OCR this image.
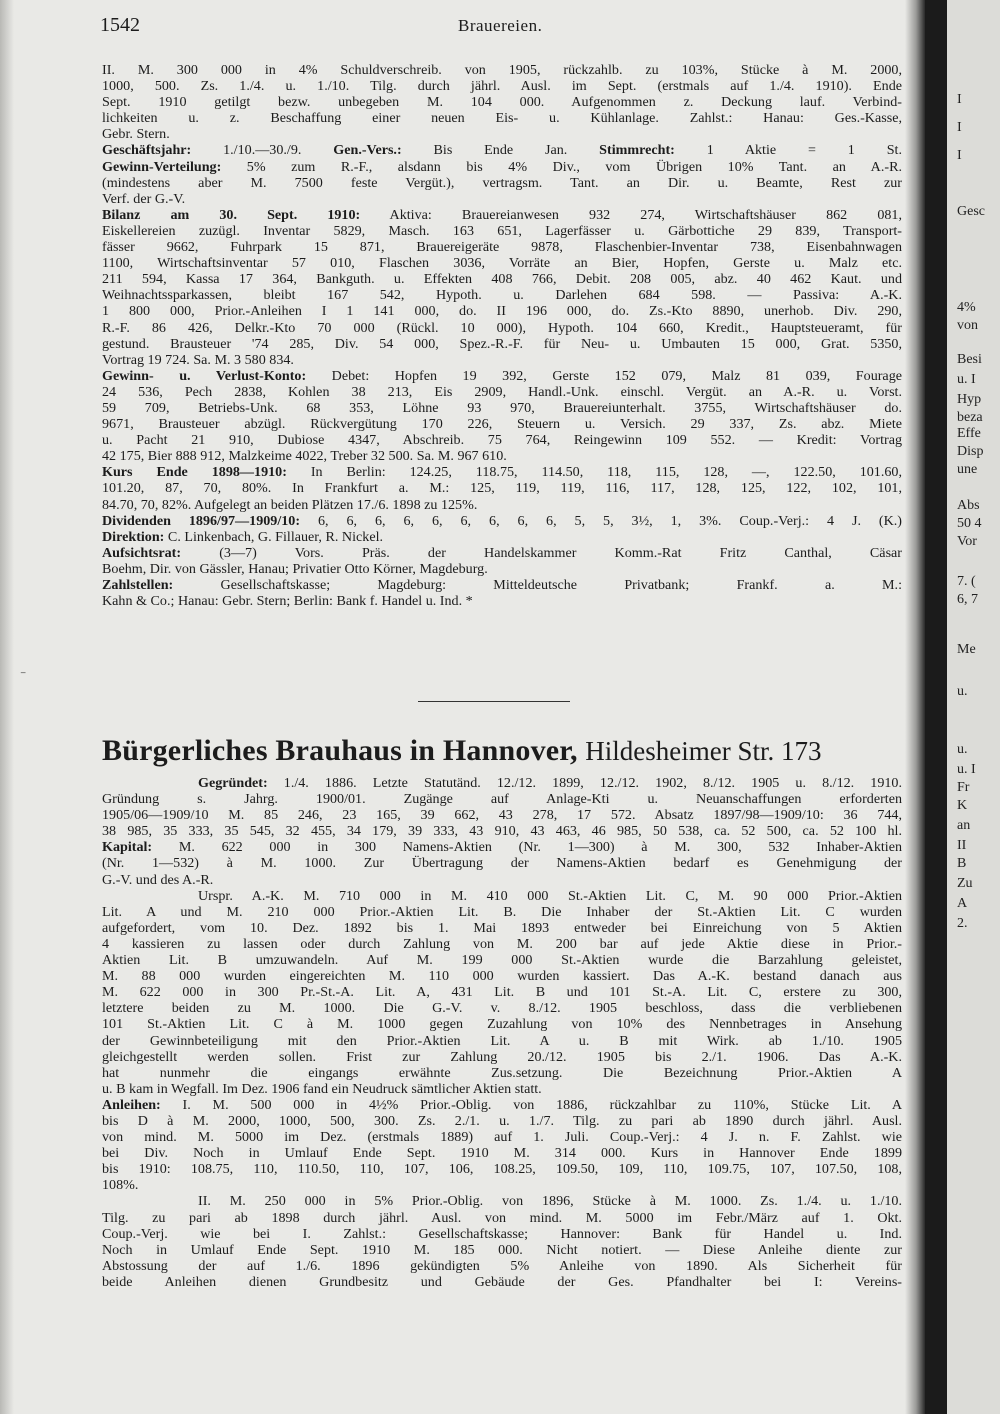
1542	Brauereien.
II. M. 300 000 in 4% Schuldverschreib. von 1905, rückzahlb. zu 103%, Stücke à M. 2000,
1000, 500. Zs. 1./4. u. 1./10. Tilg. durch jährl. Ausl. im Sept. (erstmals auf 1./4. 1910). Ende
Sept. 1910 getilgt bezw. unbegeben M. 104 000. Aufgenommen z. Deckung lauf. Verbind-
lichkeiten u. z. Beschaffung einer neuen Eis- u. Kühlanlage. Zahlst.: Hanau: Ges.-Kasse,
Gebr. Stern.
Geschäftsjahr: 1./10.—30./9. Gen.-Vers.: Bis Ende Jan. Stimmrecht: 1 Aktie = 1 St.
Gewinn-Verteilung: 5% zum R.-F., alsdann bis 4% Div., vom Übrigen 10% Tant. an A.-R.
(mindestens aber M. 7500 feste Vergüt.), vertragsm. Tant. an Dir. u. Beamte, Rest zur
Verf. der G.-V.
Bilanz am 30. Sept. 1910: Aktiva: Brauereianwesen 932 274, Wirtschaftshäuser 862 081,
Eiskellereien zuzügl. Inventar 5829, Masch. 163 651, Lagerfässer u. Gärbottiche 29 839, Transport-
fässer 9662, Fuhrpark 15 871, Brauereigeräte 9878, Flaschenbier-Inventar 738, Eisenbahnwagen
1100, Wirtschaftsinventar 57 010, Flaschen 3036, Vorräte an Bier, Hopfen, Gerste u. Malz etc.
211 594, Kassa 17 364, Bankguth. u. Effekten 408 766, Debit. 208 005, abz. 40 462 Kaut. und
Weihnachtssparkassen, bleibt 167 542, Hypoth. u. Darlehen 684 598. — Passiva: A.-K.
1 800 000, Prior.-Anleihen I 1 141 000, do. II 196 000, do. Zs.-Kto 8890, unerhob. Div. 290,
R.-F. 86 426, Delkr.-Kto 70 000 (Rückl. 10 000), Hypoth. 104 660, Kredit., Hauptsteueramt, für
gestund. Brausteuer '74 285, Div. 54 000, Spez.-R.-F. für Neu- u. Umbauten 15 000, Grat. 5350,
Vortrag 19 724. Sa. M. 3 580 834.
Gewinn- u. Verlust-Konto: Debet: Hopfen 19 392, Gerste 152 079, Malz 81 039, Fourage
24 536, Pech 2838, Kohlen 38 213, Eis 2909, Handl.-Unk. einschl. Vergüt. an A.-R. u. Vorst.
59 709, Betriebs-Unk. 68 353, Löhne 93 970, Brauereiunterhalt. 3755, Wirtschaftshäuser do.
9671, Brausteuer abzügl. Rückvergütung 170 226, Steuern u. Versich. 29 337, Zs. abz. Miete
u. Pacht 21 910, Dubiose 4347, Abschreib. 75 764, Reingewinn 109 552. — Kredit: Vortrag
42 175, Bier 888 912, Malzkeime 4022, Treber 32 500. Sa. M. 967 610.
Kurs Ende 1898—1910: In Berlin: 124.25, 118.75, 114.50, 118, 115, 128, —, 122.50, 101.60,
101.20, 87, 70, 80%. In Frankfurt a. M.: 125, 119, 119, 116, 117, 128, 125, 122, 102, 101,
84.70, 70, 82%. Aufgelegt an beiden Plätzen 17./6. 1898 zu 125%.
Dividenden 1896/97—1909/10: 6, 6, 6, 6, 6, 6, 6, 6, 6, 5, 5, 3½, 1, 3%. Coup.-Verj.: 4 J. (K.)
Direktion: C. Linkenbach, G. Fillauer, R. Nickel.
Aufsichtsrat: (3—7) Vors. Präs. der Handelskammer Komm.-Rat Fritz Canthal, Cäsar
Boehm, Dir. von Gässler, Hanau; Privatier Otto Körner, Magdeburg.
Zahlstellen: Gesellschaftskasse; Magdeburg: Mitteldeutsche Privatbank; Frankf. a. M.:
Kahn & Co.; Hanau: Gebr. Stern; Berlin: Bank f. Handel u. Ind. *
⁻
Bürgerliches Brauhaus in Hannover, Hildesheimer Str. 173
Gegründet: 1./4. 1886. Letzte Statutänd. 12./12. 1899, 12./12. 1902, 8./12. 1905 u. 8./12. 1910.
Gründung s. Jahrg. 1900/01. Zugänge auf Anlage-Kti u. Neuanschaffungen erforderten
1905/06—1909/10 M. 85 246, 23 165, 39 662, 43 278, 17 572. Absatz 1897/98—1909/10: 36 744,
38 985, 35 333, 35 545, 32 455, 34 179, 39 333, 43 910, 43 463, 46 985, 50 538, ca. 52 500, ca. 52 100 hl.
Kapital: M. 622 000 in 300 Namens-Aktien (Nr. 1—300) à M. 300, 532 Inhaber-Aktien
(Nr. 1—532) à M. 1000. Zur Übertragung der Namens-Aktien bedarf es Genehmigung der
G.-V. und des A.-R.
Urspr. A.-K. M. 710 000 in M. 410 000 St.-Aktien Lit. C, M. 90 000 Prior.-Aktien
Lit. A und M. 210 000 Prior.-Aktien Lit. B. Die Inhaber der St.-Aktien Lit. C wurden
aufgefordert, vom 10. Dez. 1892 bis 1. Mai 1893 entweder bei Einreichung von 5 Aktien
4 kassieren zu lassen oder durch Zahlung von M. 200 bar auf jede Aktie diese in Prior.-
Aktien Lit. B umzuwandeln. Auf M. 199 000 St.-Aktien wurde die Barzahlung geleistet,
M. 88 000 wurden eingereichten M. 110 000 wurden kassiert. Das A.-K. bestand danach aus
M. 622 000 in 300 Pr.-St.-A. Lit. A, 431 Lit. B und 101 St.-A. Lit. C, erstere zu 300,
letztere beiden zu M. 1000. Die G.-V. v. 8./12. 1905 beschloss, dass die verbliebenen
101 St.-Aktien Lit. C à M. 1000 gegen Zuzahlung von 10% des Nennbetrages in Ansehung
der Gewinnbeteiligung mit den Prior.-Aktien Lit. A u. B mit Wirk. ab 1./10. 1905
gleichgestellt werden sollen. Frist zur Zahlung 20./12. 1905 bis 2./1. 1906. Das A.-K.
hat nunmehr die eingangs erwähnte Zus.setzung. Die Bezeichnung Prior.-Aktien A
u. B kam in Wegfall. Im Dez. 1906 fand ein Neudruck sämtlicher Aktien statt.
Anleihen: I. M. 500 000 in 4½% Prior.-Oblig. von 1886, rückzahlbar zu 110%, Stücke Lit. A
bis D à M. 2000, 1000, 500, 300. Zs. 2./1. u. 1./7. Tilg. zu pari ab 1890 durch jährl. Ausl.
von mind. M. 5000 im Dez. (erstmals 1889) auf 1. Juli. Coup.-Verj.: 4 J. n. F. Zahlst. wie
bei Div. Noch in Umlauf Ende Sept. 1910 M. 314 000. Kurs in Hannover Ende 1899
bis 1910: 108.75, 110, 110.50, 110, 107, 106, 108.25, 109.50, 109, 110, 109.75, 107, 107.50, 108,
108%.
II. M. 250 000 in 5% Prior.-Oblig. von 1896, Stücke à M. 1000. Zs. 1./4. u. 1./10.
Tilg. zu pari ab 1898 durch jährl. Ausl. von mind. M. 5000 im Febr./März auf 1. Okt.
Coup.-Verj. wie bei I. Zahlst.: Gesellschaftskasse; Hannover: Bank für Handel u. Ind.
Noch in Umlauf Ende Sept. 1910 M. 185 000. Nicht notiert. — Diese Anleihe diente zur
Abstossung der auf 1./6. 1896 gekündigten 5% Anleihe von 1890. Als Sicherheit für
beide Anleihen dienen Grundbesitz und Gebäude der Ges. Pfandhalter bei I: Vereins-
I
I
I
Gesc
4%
von
Besi
u. I
Hyp
beza
Effe
Disp
une
Abs
50 4
Vor
7. (
6, 7
Me
u.
u.
u. I
Fr
K
an
II
B
Zu
A
2.
